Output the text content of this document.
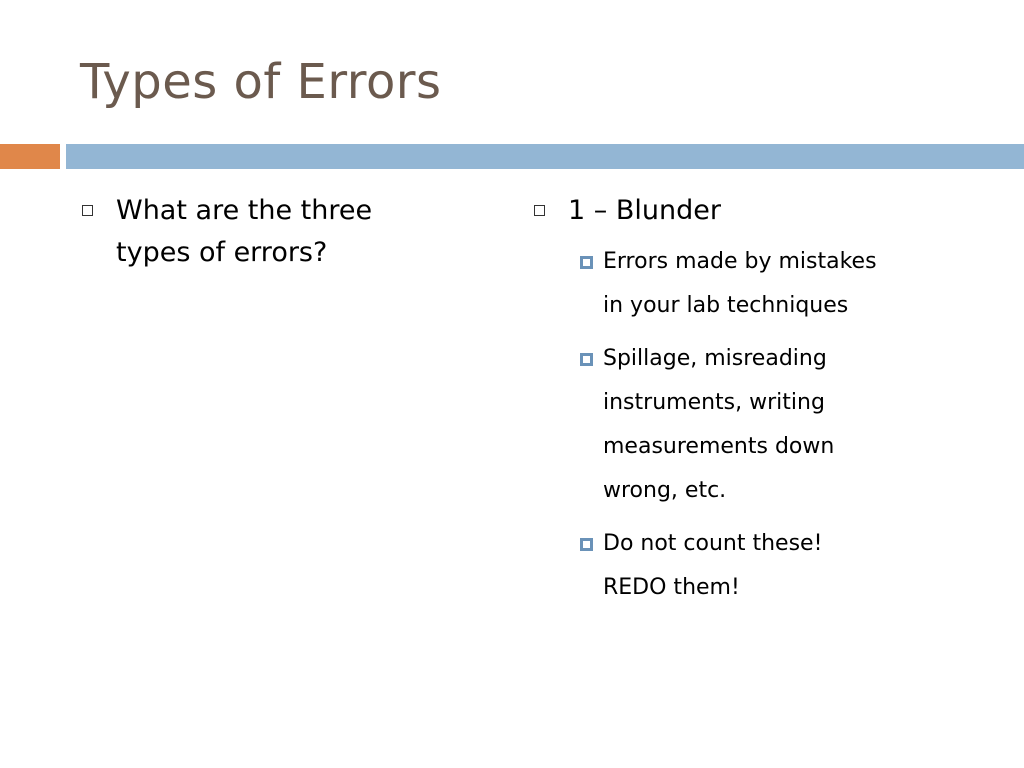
Types of Errors
What are the three
types of errors?
1 – Blunder
Errors made by mistakes
in your lab techniques
Spillage, misreading
instruments, writing
measurements down
wrong, etc.
Do not count these!
REDO them!
